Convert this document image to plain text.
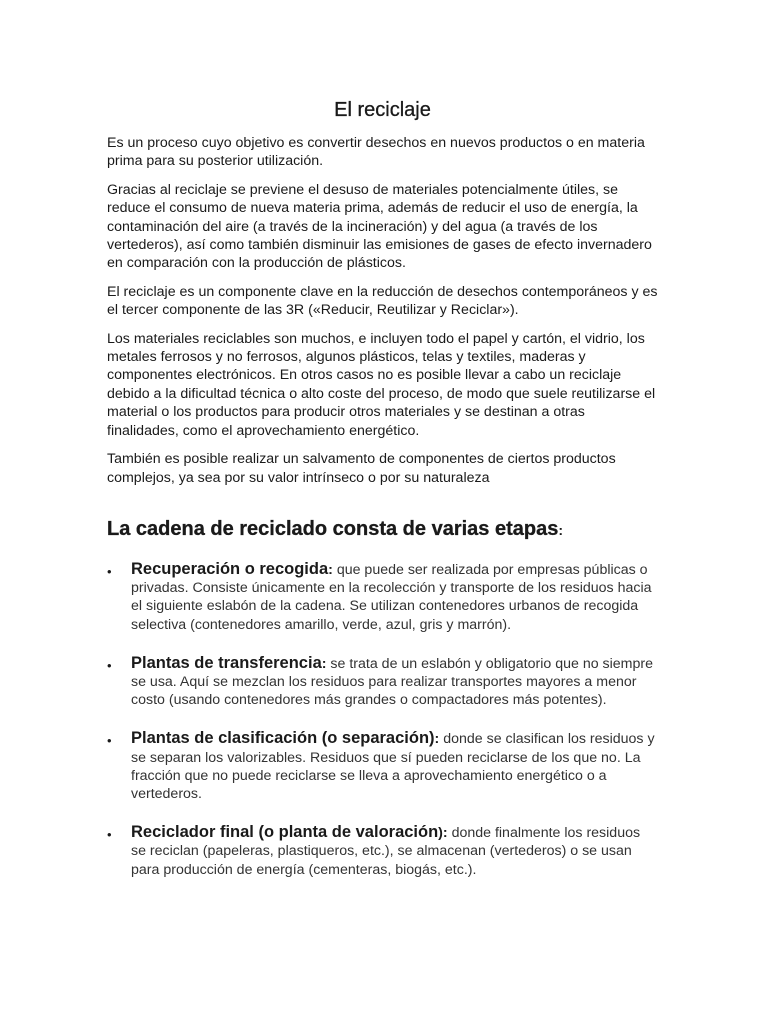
El reciclaje

Es un proceso cuyo objetivo es convertir desechos en nuevos productos o en materia prima para su posterior utilización.

Gracias al reciclaje se previene el desuso de materiales potencialmente útiles, se reduce el consumo de nueva materia prima, además de reducir el uso de energía, la contaminación del aire (a través de la incineración) y del agua (a través de los vertederos), así como también disminuir las emisiones de gases de efecto invernadero en comparación con la producción de plásticos.

El reciclaje es un componente clave en la reducción de desechos contemporáneos y es el tercer componente de las 3R («Reducir, Reutilizar y Reciclar»).

Los materiales reciclables son muchos, e incluyen todo el papel y cartón, el vidrio, los metales ferrosos y no ferrosos, algunos plásticos, telas y textiles, maderas y componentes electrónicos. En otros casos no es posible llevar a cabo un reciclaje debido a la dificultad técnica o alto coste del proceso, de modo que suele reutilizarse el material o los productos para producir otros materiales y se destinan a otras finalidades, como el aprovechamiento energético.

También es posible realizar un salvamento de componentes de ciertos productos complejos, ya sea por su valor intrínseco o por su naturaleza

La cadena de reciclado consta de varias etapas:
• Recuperación o recogida: que puede ser realizada por empresas públicas o privadas. Consiste únicamente en la recolección y transporte de los residuos hacia el siguiente eslabón de la cadena. Se utilizan contenedores urbanos de recogida selectiva (contenedores amarillo, verde, azul, gris y marrón).
• Plantas de transferencia: se trata de un eslabón y obligatorio que no siempre se usa. Aquí se mezclan los residuos para realizar transportes mayores a menor costo (usando contenedores más grandes o compactadores más potentes).
• Plantas de clasificación (o separación): donde se clasifican los residuos y se separan los valorizables. Residuos que sí pueden reciclarse de los que no. La fracción que no puede reciclarse se lleva a aprovechamiento energético o a vertederos.
• Reciclador final (o planta de valoración): donde finalmente los residuos se reciclan (papeleras, plastiqueros, etc.), se almacenan (vertederos) o se usan para producción de energía (cementeras, biogás, etc.).
